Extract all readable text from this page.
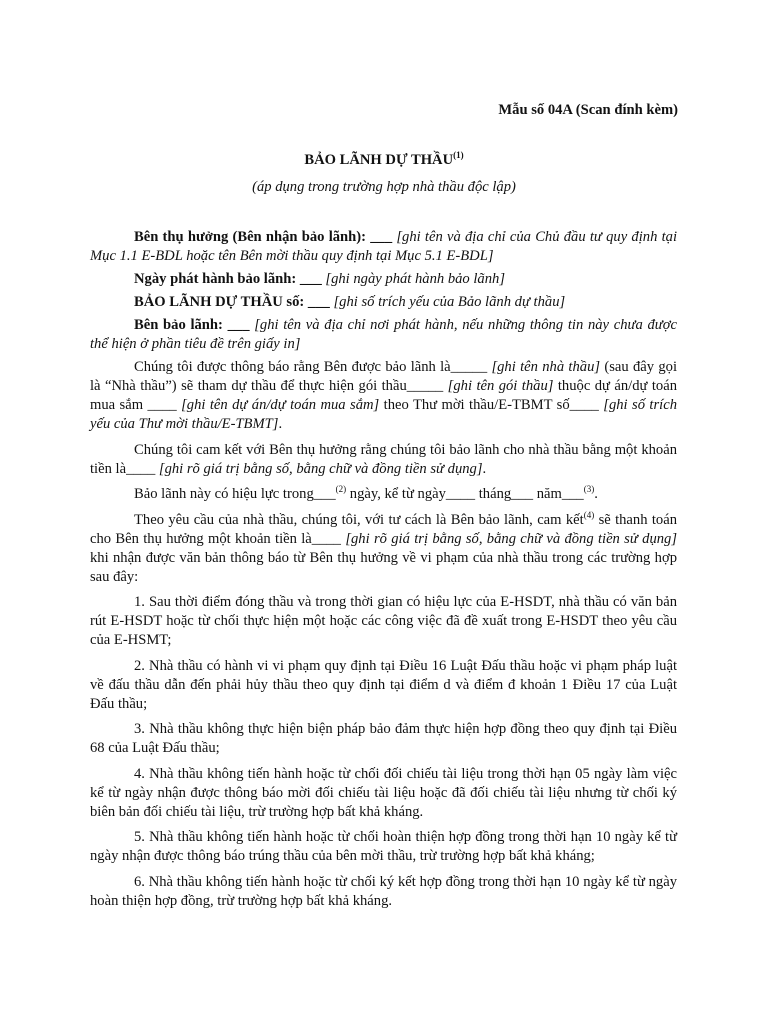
Mẫu số 04A (Scan đính kèm)
BẢO LÃNH DỰ THẦU$^{(1)}$
(áp dụng trong trường hợp nhà thầu độc lập)

Bên thụ hưởng (Bên nhận bảo lãnh): ___ [ghi tên và địa chỉ của Chủ đầu tư quy định tại Mục 1.1 E-BDL hoặc tên Bên mời thầu quy định tại Mục 5.1 E-BDL]

Ngày phát hành bảo lãnh: ___ [ghi ngày phát hành bảo lãnh]

BẢO LÃNH DỰ THẦU số: ___ [ghi số trích yếu của Bảo lãnh dự thầu]

Bên bảo lãnh: ___ [ghi tên và địa chỉ nơi phát hành, nếu những thông tin này chưa được thể hiện ở phần tiêu đề trên giấy in]

Chúng tôi được thông báo rằng Bên được bảo lãnh là_____ [ghi tên nhà thầu] (sau đây gọi là “Nhà thầu”) sẽ tham dự thầu để thực hiện gói thầu_____ [ghi tên gói thầu] thuộc dự án/dự toán mua sắm ____ [ghi tên dự án/dự toán mua sắm] theo Thư mời thầu/E-TBMT số____ [ghi số trích yếu của Thư mời thầu/E-TBMT].

Chúng tôi cam kết với Bên thụ hưởng rằng chúng tôi bảo lãnh cho nhà thầu bằng một khoản tiền là____ [ghi rõ giá trị bằng số, bằng chữ và đồng tiền sử dụng].

Bảo lãnh này có hiệu lực trong___$^{(2)}$ ngày, kể từ ngày____ tháng___ năm___$^{(3)}$.

Theo yêu cầu của nhà thầu, chúng tôi, với tư cách là Bên bảo lãnh, cam kết$^{(4)}$ sẽ thanh toán cho Bên thụ hưởng một khoản tiền là____ [ghi rõ giá trị bằng số, bằng chữ và đồng tiền sử dụng] khi nhận được văn bản thông báo từ Bên thụ hưởng về vi phạm của nhà thầu trong các trường hợp sau đây:

1. Sau thời điểm đóng thầu và trong thời gian có hiệu lực của E-HSDT, nhà thầu có văn bản rút E-HSDT hoặc từ chối thực hiện một hoặc các công việc đã đề xuất trong E-HSDT theo yêu cầu của E-HSMT;

2. Nhà thầu có hành vi vi phạm quy định tại Điều 16 Luật Đấu thầu hoặc vi phạm pháp luật về đấu thầu dẫn đến phải hủy thầu theo quy định tại điểm d và điểm đ khoản 1 Điều 17 của Luật Đấu thầu;

3. Nhà thầu không thực hiện biện pháp bảo đảm thực hiện hợp đồng theo quy định tại Điều 68 của Luật Đấu thầu;

4. Nhà thầu không tiến hành hoặc từ chối đối chiếu tài liệu trong thời hạn 05 ngày làm việc kể từ ngày nhận được thông báo mời đối chiếu tài liệu hoặc đã đối chiếu tài liệu nhưng từ chối ký biên bản đối chiếu tài liệu, trừ trường hợp bất khả kháng.

5. Nhà thầu không tiến hành hoặc từ chối hoàn thiện hợp đồng trong thời hạn 10 ngày kể từ ngày nhận được thông báo trúng thầu của bên mời thầu, trừ trường hợp bất khả kháng;

6. Nhà thầu không tiến hành hoặc từ chối ký kết hợp đồng trong thời hạn 10 ngày kể từ ngày hoàn thiện hợp đồng, trừ trường hợp bất khả kháng.
